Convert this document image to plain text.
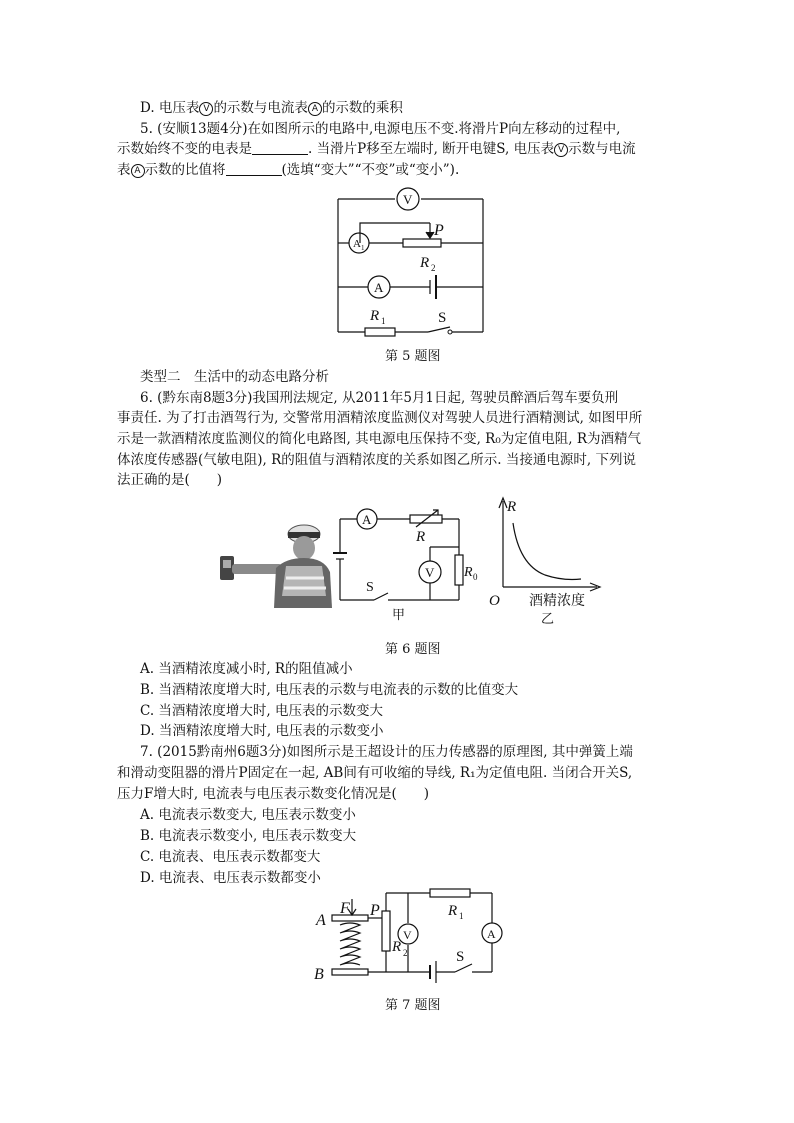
D. 电压表 V 的示数与电流表 A 的示数的乘积
5. (安顺13题4分)在如图所示的电路中,电源电压不变.将滑片P向左移动的过程中,
示数始终不变的电表是	. 当滑片P移至左端时, 断开电键S, 电压表 V 示数与电流
表 A 示数的比值将	(选填“变大”“不变”或“变小”).
V
A 1
P
R 2
A
R 1	S
第 5 题图
类型二　生活中的动态电路分析
6. (黔东南8题3分)我国刑法规定, 从2011年5月1日起, 驾驶员醉酒后驾车要负刑
事责任. 为了打击酒驾行为, 交警常用酒精浓度监测仪对驾驶人员进行酒精测试, 如图甲所
示是一款酒精浓度监测仪的简化电路图, 其电源电压保持不变, R₀为定值电阻, R为酒精气
体浓度传感器(气敏电阻), R的阻值与酒精浓度的关系如图乙所示. 当接通电源时, 下列说
法正确的是(　　)
A
R
V R 0
S
甲
R
O 酒精浓度
乙
第 6 题图
A. 当酒精浓度减小时, R的阻值减小
B. 当酒精浓度增大时, 电压表的示数与电流表的示数的比值变大
C. 当酒精浓度增大时, 电压表的示数变大
D. 当酒精浓度增大时, 电压表的示数变小
7. (2015黔南州6题3分)如图所示是王超设计的压力传感器的原理图, 其中弹簧上端
和滑动变阻器的滑片P固定在一起, AB间有可收缩的导线, R₁为定值电阻. 当闭合开关S,
压力F增大时, 电流表与电压表示数变化情况是(　　)
A. 电流表示数变大, 电压表示数变小
B. 电流表示数变小, 电压表示数变大
C. 电流表、电压表示数都变大
D. 电流表、电压表示数都变小
F P
A
B
R 1
R 2
V	A
S
第 7 题图
